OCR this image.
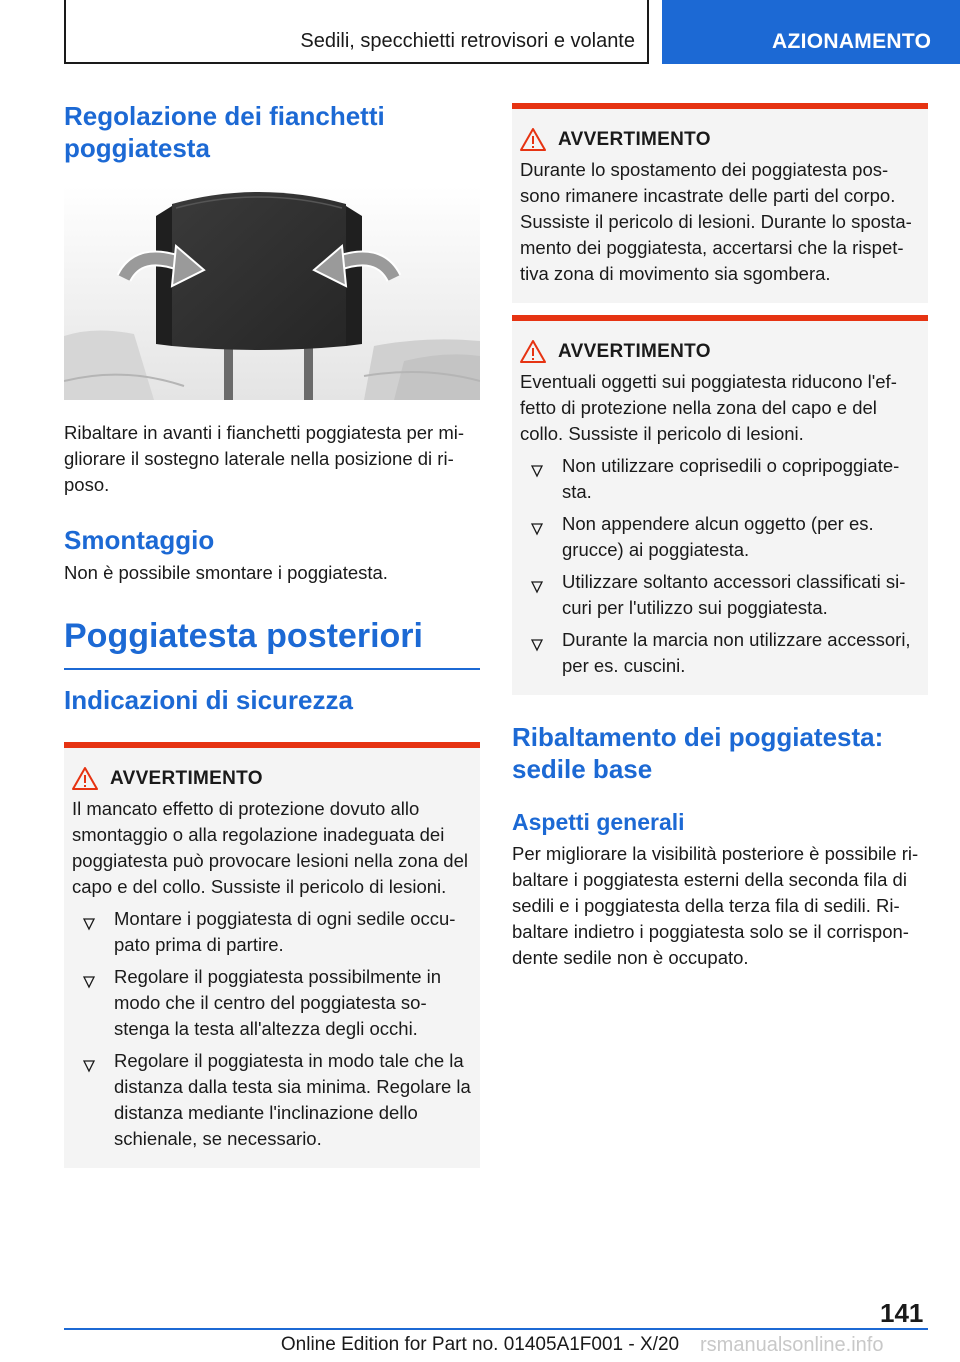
Sedili, specchietti retrovisori e volante	AZIONAMENTO
Regolazione dei fianchetti poggiatesta

Ribaltare in avanti i fianchetti poggiatesta per migliorare il sostegno laterale nella posizione di riposo.

Smontaggio

Non è possibile smontare i poggiatesta.

Poggiatesta posteriori
Indicazioni di sicurezza
AVVERTIMENTO

Il mancato effetto di protezione dovuto allo smontaggio o alla regolazione inadeguata dei poggiatesta può provocare lesioni nella zona del capo e del collo. Sussiste il pericolo di lesioni.

Montare i poggiatesta di ogni sedile occupato prima di partire.
Regolare il poggiatesta possibilmente in modo che il centro del poggiatesta sostenga la testa all'altezza degli occhi.
Regolare il poggiatesta in modo tale che la distanza dalla testa sia minima. Regolare la distanza mediante l'inclinazione dello schienale, se necessario.
AVVERTIMENTO

Durante lo spostamento dei poggiatesta possono rimanere incastrate delle parti del corpo. Sussiste il pericolo di lesioni. Durante lo spostamento dei poggiatesta, accertarsi che la rispettiva zona di movimento sia sgombera.

AVVERTIMENTO

Eventuali oggetti sui poggiatesta riducono l'effetto di protezione nella zona del capo e del collo. Sussiste il pericolo di lesioni.

Non utilizzare coprisedili o copripoggiatesta.
Non appendere alcun oggetto (per es. grucce) ai poggiatesta.
Utilizzare soltanto accessori classificati sicuri per l'utilizzo sui poggiatesta.
Durante la marcia non utilizzare accessori, per es. cuscini.
Ribaltamento dei poggiatesta: sedile base
Aspetti generali

Per migliorare la visibilità posteriore è possibile ribaltare i poggiatesta esterni della seconda fila di sedili e i poggiatesta della terza fila di sedili. Ribaltare indietro i poggiatesta solo se il corrispondente sedile non è occupato.

141
Online Edition for Part no. 01405A1F001 - X/20	rsmanualsonline.info
